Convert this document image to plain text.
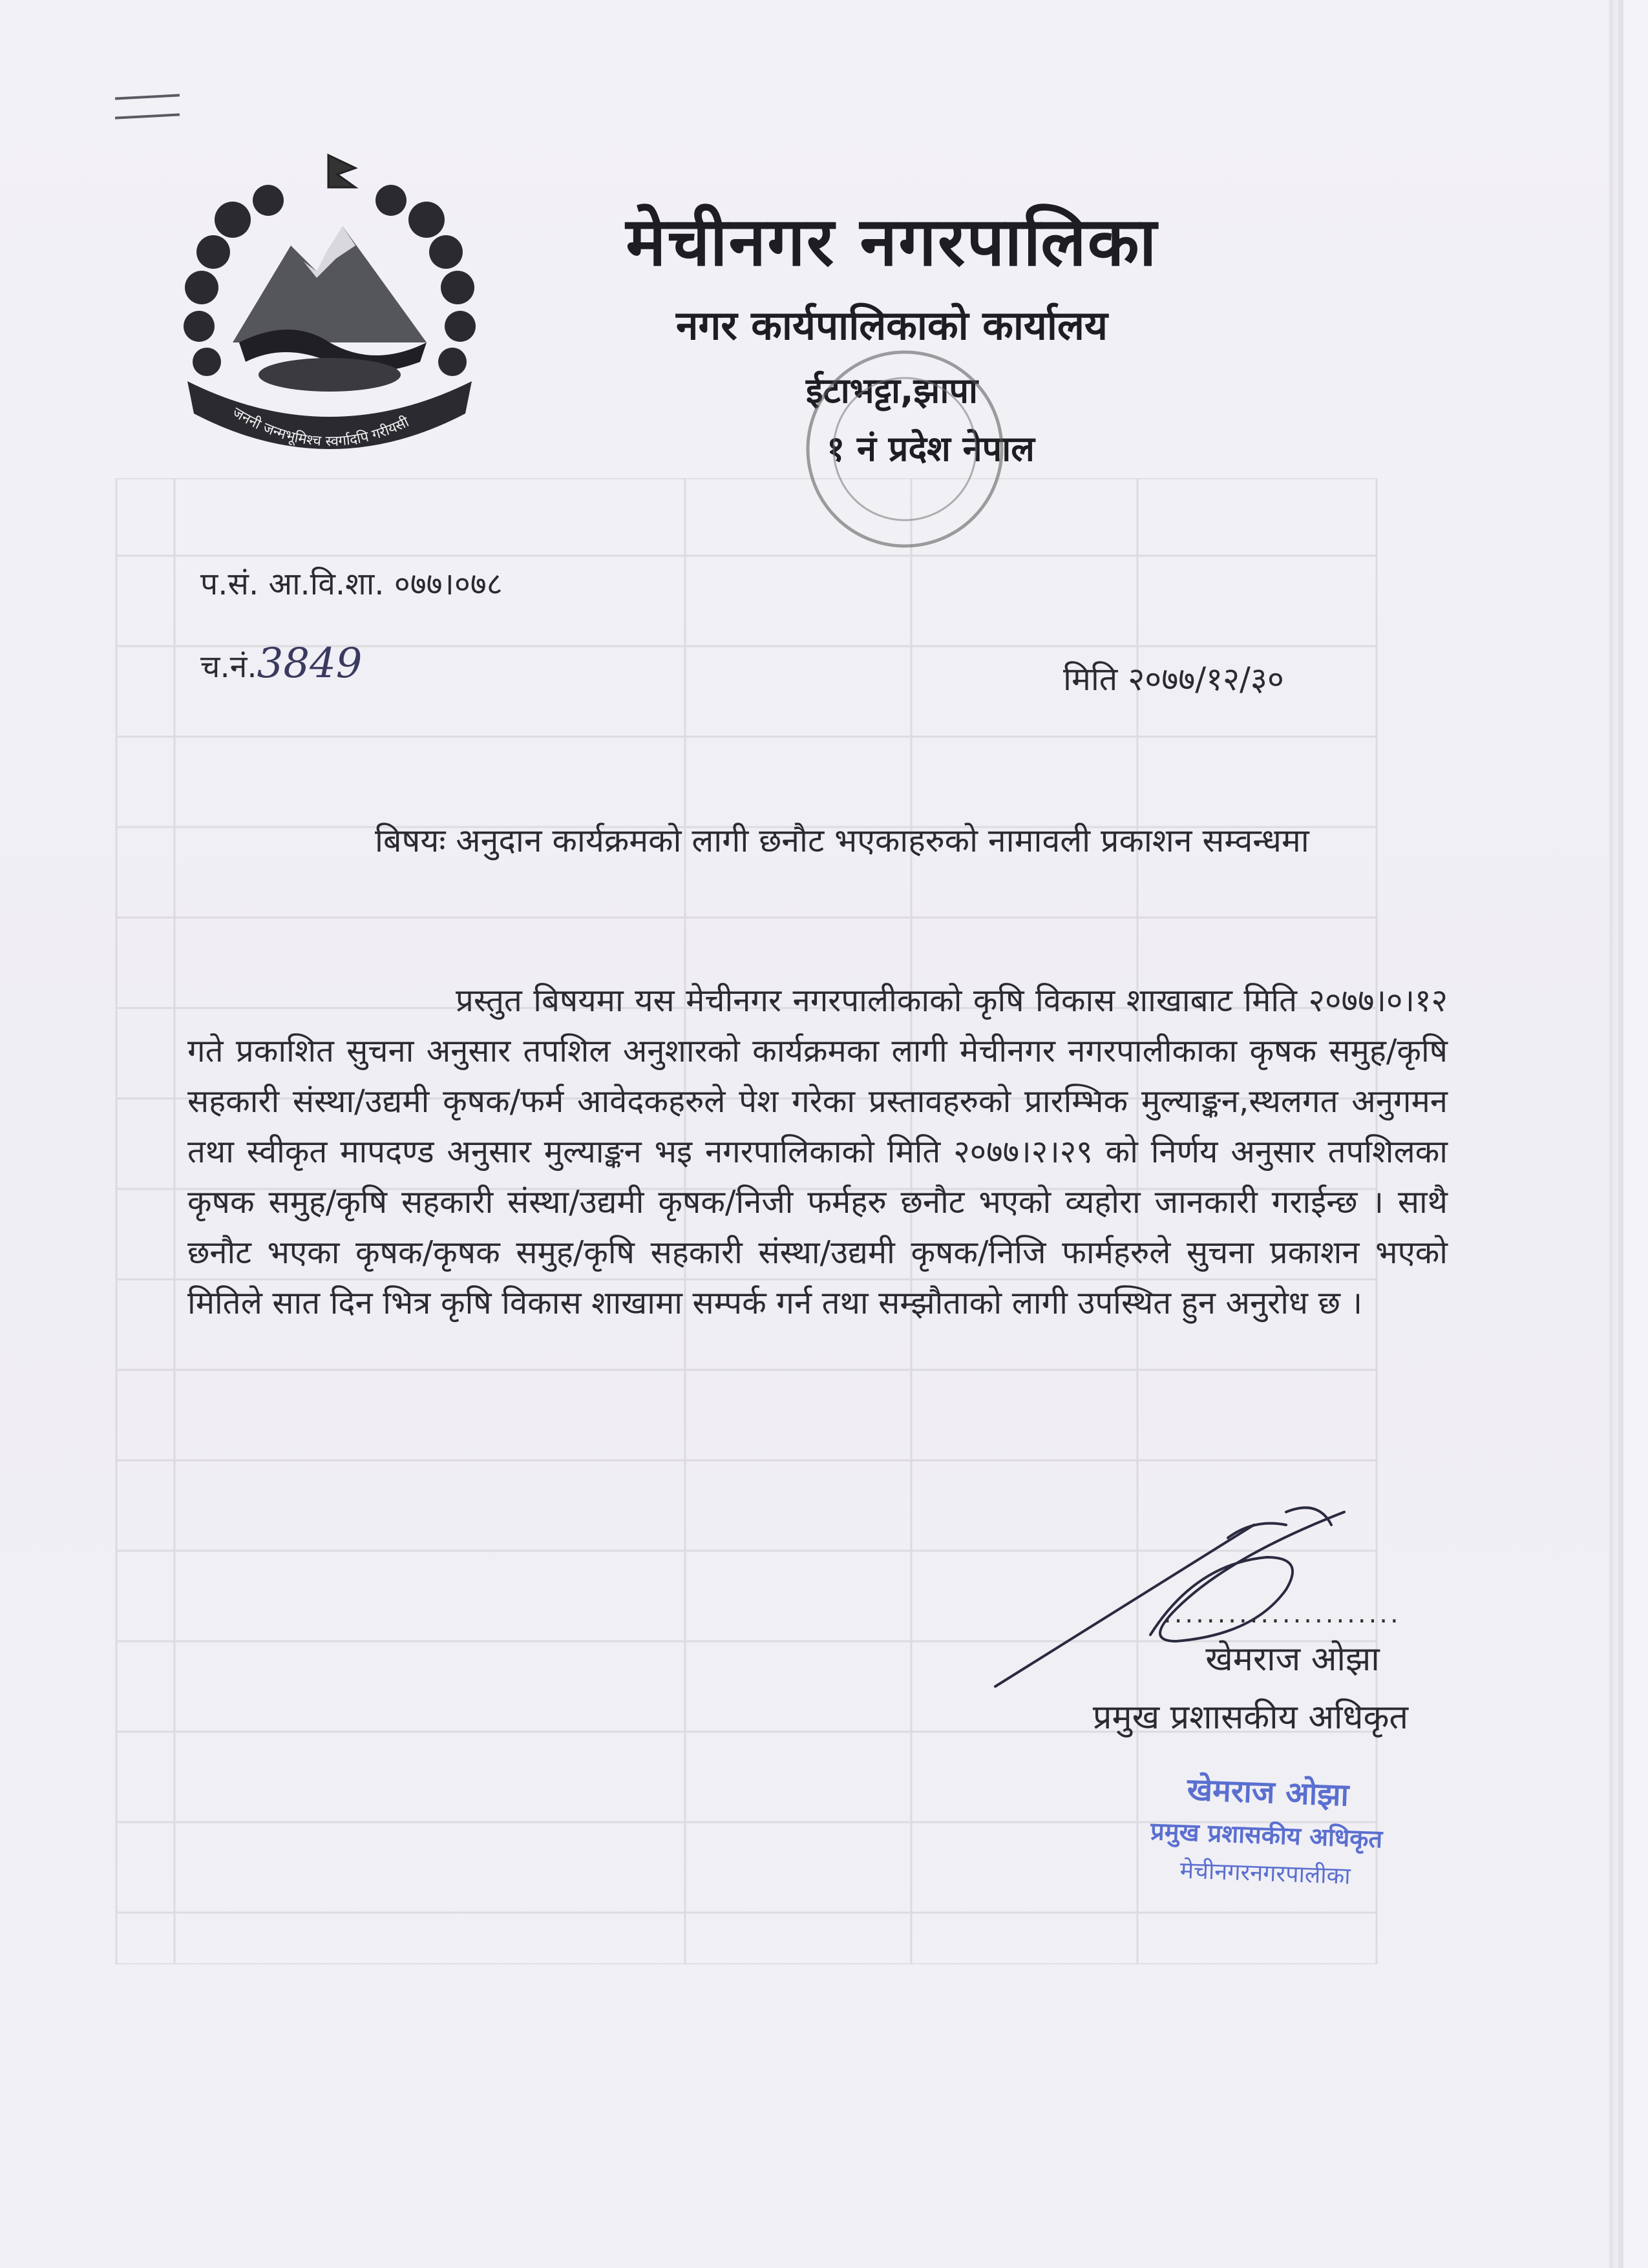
जननी जन्मभूमिश्च स्वर्गादपि गरीयसी
मेचीनगर नगरपालिका
नगर कार्यपालिकाको कार्यालय
ईटाभट्टा,झापा
१ नं प्रदेश नेपाल
प.सं. आ.वि.शा. ०७७।०७८
च.नं.3849	मिति २०७७/१२/३०
बिषयः अनुदान कार्यक्रमको लागी छनौट भएकाहरुको नामावली प्रकाशन सम्वन्धमा
प्रस्तुत बिषयमा यस मेचीनगर नगरपालीकाको कृषि विकास शाखाबाट मिति २०७७।०।१२ गते प्रकाशित सुचना अनुसार तपशिल अनुशारको कार्यक्रमका लागी मेचीनगर नगरपालीकाका कृषक समुह/कृषि सहकारी संस्था/उद्यमी कृषक/फर्म आवेदकहरुले पेश गरेका प्रस्तावहरुको प्रारम्भिक मुल्याङ्कन,स्थलगत अनुगमन तथा स्वीकृत मापदण्ड अनुसार मुल्याङ्कन भइ नगरपालिकाको मिति २०७७।२।२९ को निर्णय अनुसार तपशिलका कृषक समुह/कृषि सहकारी संस्था/उद्यमी कृषक/निजी फर्महरु छनौट भएको व्यहोरा जानकारी गराईन्छ । साथै छनौट भएका कृषक/कृषक समुह/कृषि सहकारी संस्था/उद्यमी कृषक/निजि फार्महरुले सुचना प्रकाशन भएको मितिले सात दिन भित्र कृषि विकास शाखामा सम्पर्क गर्न तथा सम्झौताको लागी उपस्थित हुन अनुरोध छ ।
......................
खेमराज ओझा
प्रमुख प्रशासकीय अधिकृत
खेमराज ओझा
प्रमुख प्रशासकीय अधिकृत
मेचीनगरनगरपालीका
